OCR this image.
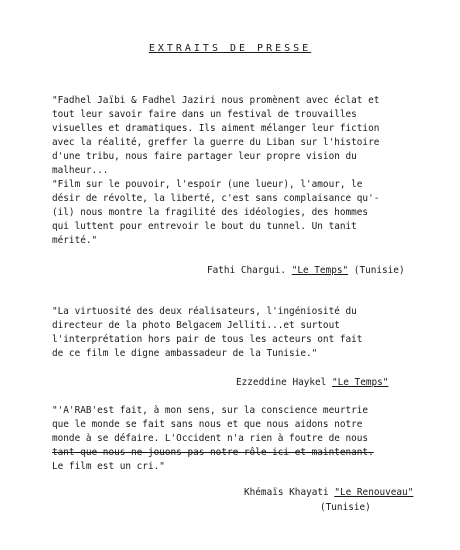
EXTRAITS DE PRESSE
"Fadhel Jaïbi & Fadhel Jaziri nous promènent avec éclat et
tout leur savoir faire dans un festival de trouvailles
visuelles et dramatiques. Ils aiment mélanger leur fiction
avec la réalité, greffer la guerre du Liban sur l'histoire
d'une tribu, nous faire partager leur propre vision du
malheur...
"Film sur le pouvoir, l'espoir (une lueur), l'amour, le
désir de révolte, la liberté, c'est sans complaisance qu'-
(il) nous montre la fragilité des idéologies, des hommes
qui luttent pour entrevoir le bout du tunnel. Un tanit
mérité."
Fathi Chargui. "Le Temps" (Tunisie)
"La virtuosité des deux réalisateurs, l'ingéniosité du
directeur de la photo Belgacem Jelliti...et surtout
l'interprétation hors pair de tous les acteurs ont fait
de ce film le digne ambassadeur de la Tunisie."
Ezzeddine Haykel "Le Temps"
"'A'RAB'est fait, à mon sens, sur la conscience meurtrie
que le monde se fait sans nous et que nous aidons notre
monde à se défaire. L'Occident n'a rien à foutre de nous
tant que nous ne jouons pas notre rôle ici et maintenant.
Le film est un cri."
Khémaïs Khayati "Le Renouveau"
(Tunisie)
